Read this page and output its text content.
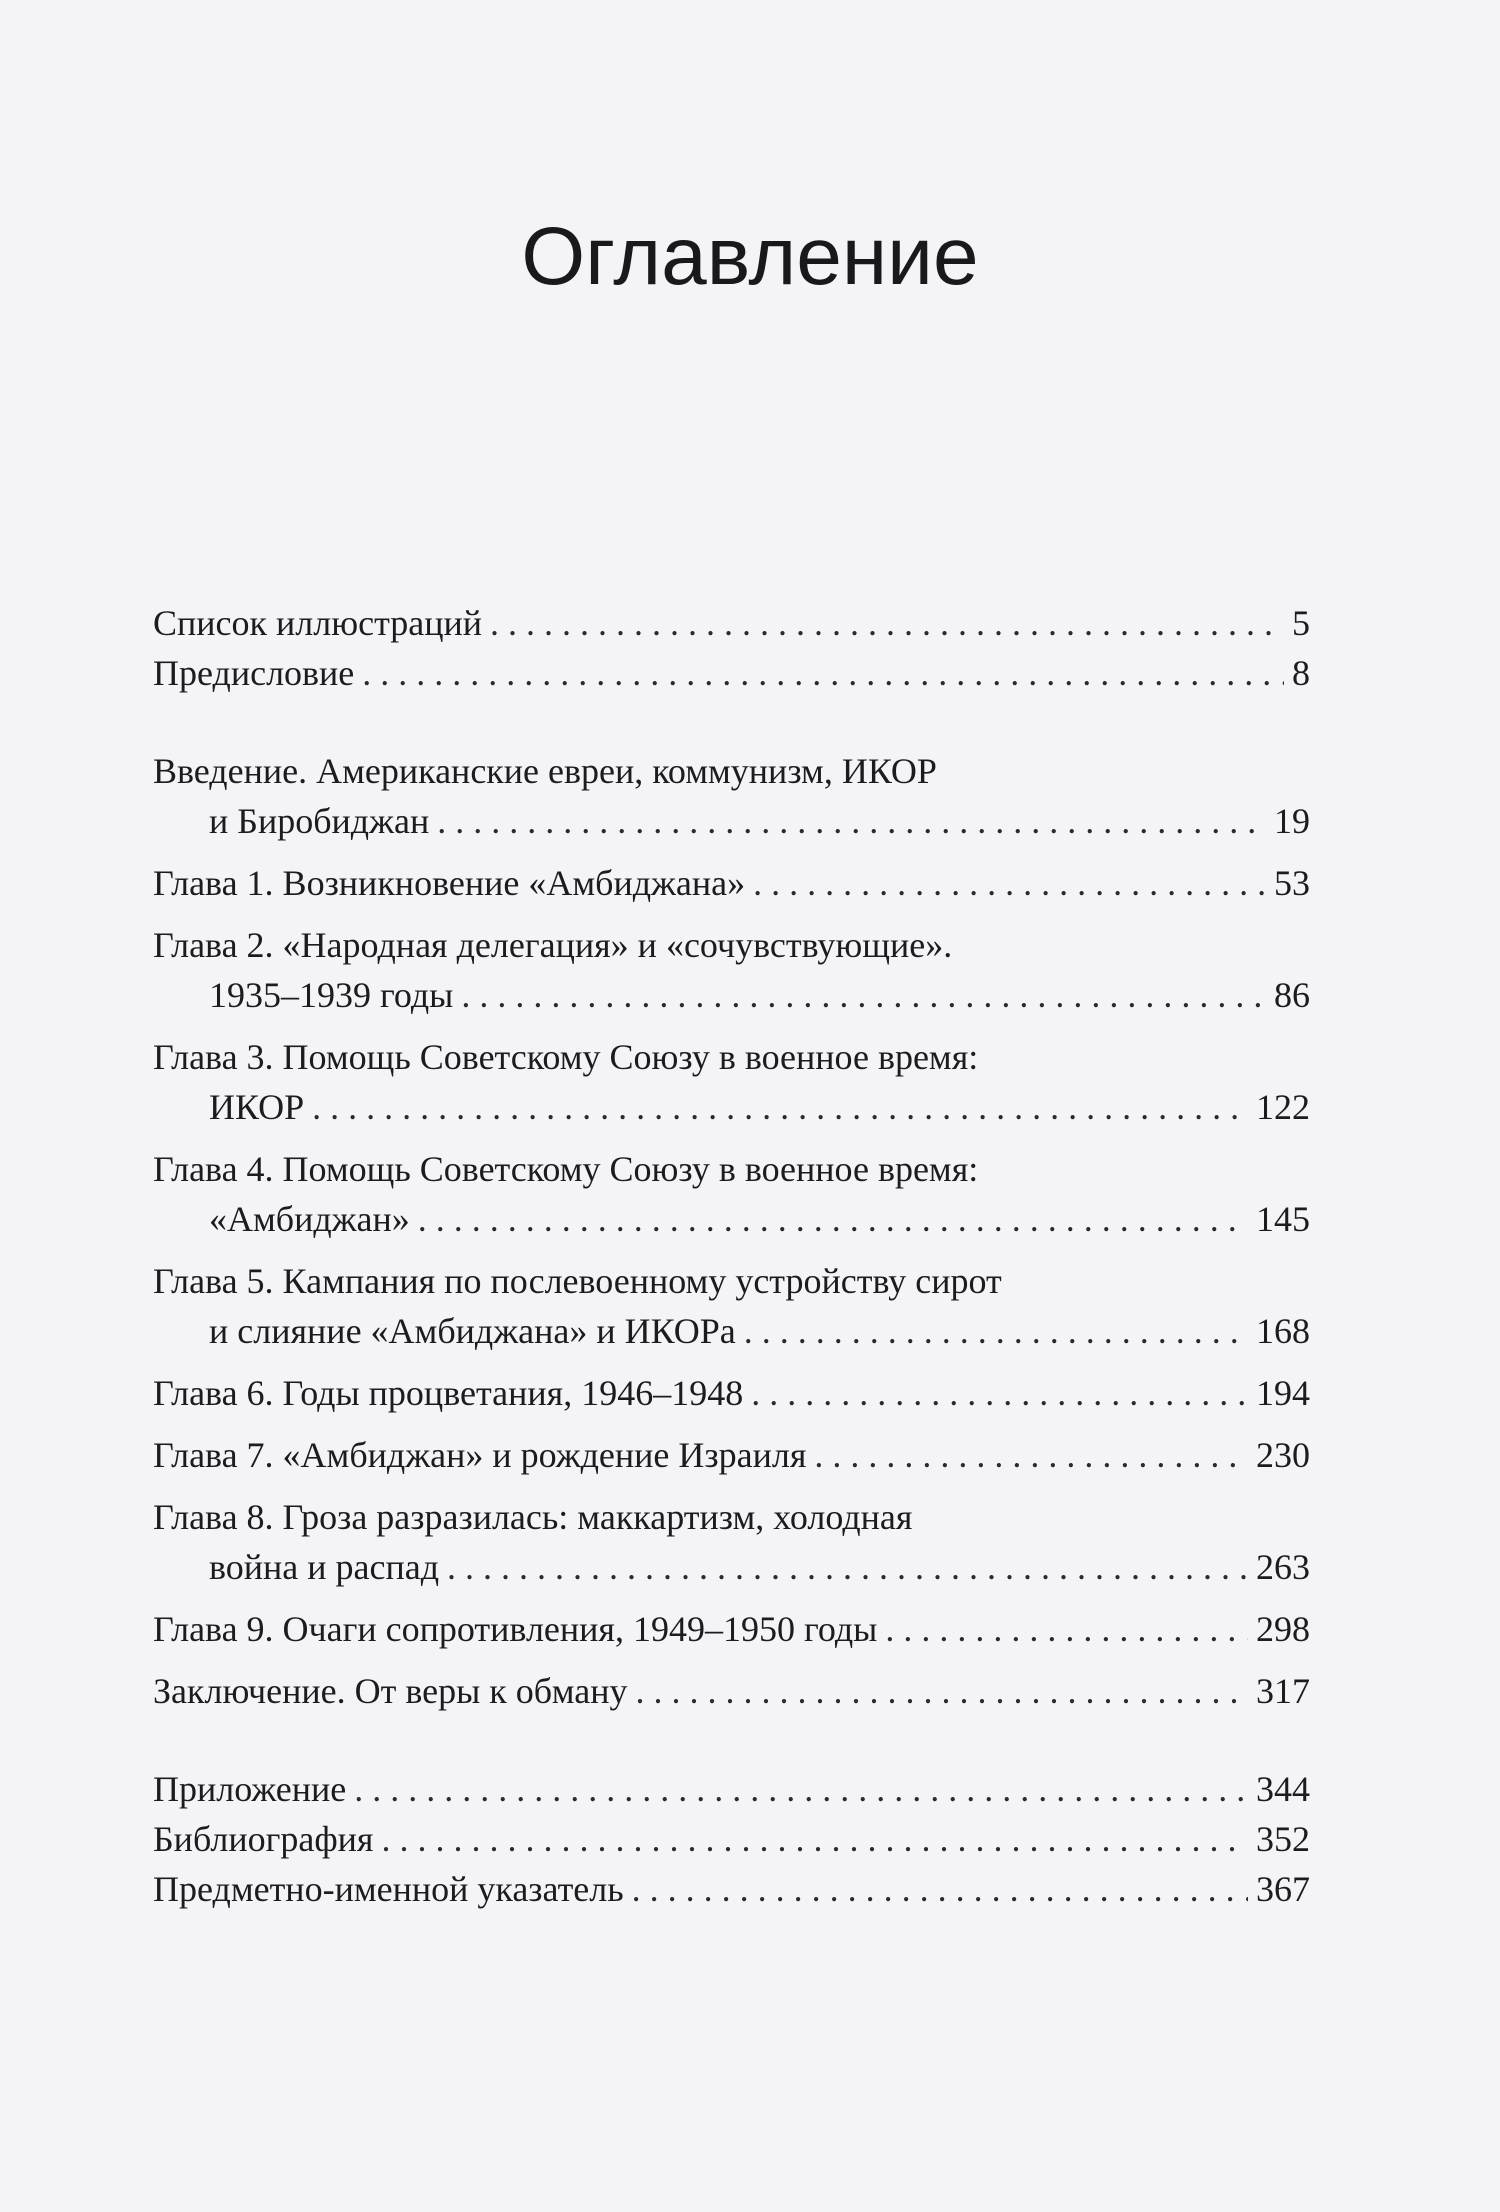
Оглавление
Список иллюстраций . . .	5
Предисловие . . .	8
Введение. Американские евреи, коммунизм, ИКОР
и Биробиджан . . .	19
Глава 1. Возникновение «Амбиджана» . . .	53
Глава 2. «Народная делегация» и «сочувствующие».
1935–1939 годы . . .	86
Глава 3. Помощь Советскому Союзу в военное время:
ИКОР . . .	122
Глава 4. Помощь Советскому Союзу в военное время:
«Амбиджан» . . .	145
Глава 5. Кампания по послевоенному устройству сирот
и слияние «Амбиджана» и ИКОРа . . .	168
Глава 6. Годы процветания, 1946–1948 . . .	194
Глава 7. «Амбиджан» и рождение Израиля . . .	230
Глава 8. Гроза разразилась: маккартизм, холодная
война и распад . . .	263
Глава 9. Очаги сопротивления, 1949–1950 годы . . .	298
Заключение. От веры к обману . . .	317
Приложение . . .	344
Библиография . . .	352
Предметно-именной указатель . . .	367
